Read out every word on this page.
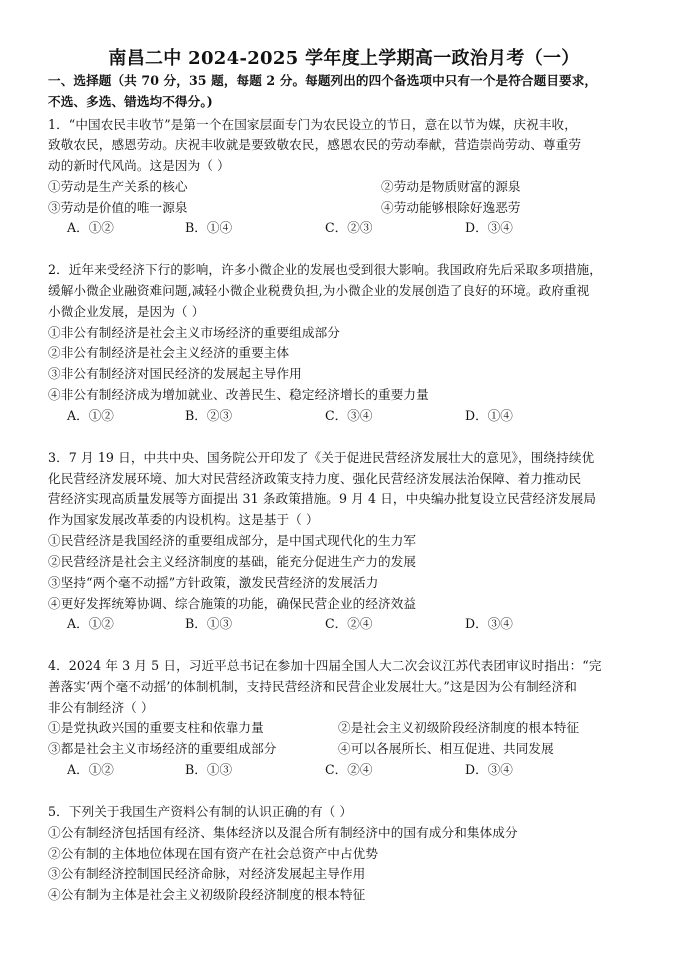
南昌二中 2024-2025 学年度上学期高一政治月考（一）
一、选择题（共 70 分，35 题，每题 2 分。每题列出的四个备选项中只有一个是符合题目要求，
不选、多选、错选均不得分。)
1．“中国农民丰收节”是第一个在国家层面专门为农民设立的节日，意在以节为媒，庆祝丰收，
致敬农民，感恩劳动。庆祝丰收就是要致敬农民，感恩农民的劳动奉献，营造崇尚劳动、尊重劳
动的新时代风尚。这是因为（ ）
①劳动是生产关系的核心	②劳动是物质财富的源泉
③劳动是价值的唯一源泉	④劳动能够根除好逸恶劳
A．①②	B．①④	C．②③	D．③④
2．近年来受经济下行的影响，许多小微企业的发展也受到很大影响。我国政府先后采取多项措施，
缓解小微企业融资难问题,减轻小微企业税费负担,为小微企业的发展创造了良好的环境。政府重视
小微企业发展，是因为（ ）
①非公有制经济是社会主义市场经济的重要组成部分
②非公有制经济是社会主义经济的重要主体
③非公有制经济对国民经济的发展起主导作用
④非公有制经济成为增加就业、改善民生、稳定经济增长的重要力量
A．①②	B．②③	C．③④	D．①④
3．7 月 19 日，中共中央、国务院公开印发了《关于促进民营经济发展壮大的意见》，围绕持续优
化民营经济发展环境、加大对民营经济政策支持力度、强化民营经济发展法治保障、着力推动民
营经济实现高质量发展等方面提出 31 条政策措施。9 月 4 日，中央编办批复设立民营经济发展局
作为国家发展改革委的内设机构。这是基于（ ）
①民营经济是我国经济的重要组成部分，是中国式现代化的生力军
②民营经济是社会主义经济制度的基础，能充分促进生产力的发展
③坚持“两个毫不动摇”方针政策，激发民营经济的发展活力
④更好发挥统筹协调、综合施策的功能，确保民营企业的经济效益
A．①②	B．①③	C．②④	D．③④
4．2024 年 3 月 5 日，习近平总书记在参加十四届全国人大二次会议江苏代表团审议时指出：“完
善落实‘两个毫不动摇’的体制机制，支持民营经济和民营企业发展壮大。”这是因为公有制经济和
非公有制经济（ ）
①是党执政兴国的重要支柱和依靠力量	②是社会主义初级阶段经济制度的根本特征
③都是社会主义市场经济的重要组成部分	④可以各展所长、相互促进、共同发展
A．①②	B．①③	C．②④	D．③④
5．下列关于我国生产资料公有制的认识正确的有（ ）
①公有制经济包括国有经济、集体经济以及混合所有制经济中的国有成分和集体成分
②公有制的主体地位体现在国有资产在社会总资产中占优势
③公有制经济控制国民经济命脉，对经济发展起主导作用
④公有制为主体是社会主义初级阶段经济制度的根本特征
